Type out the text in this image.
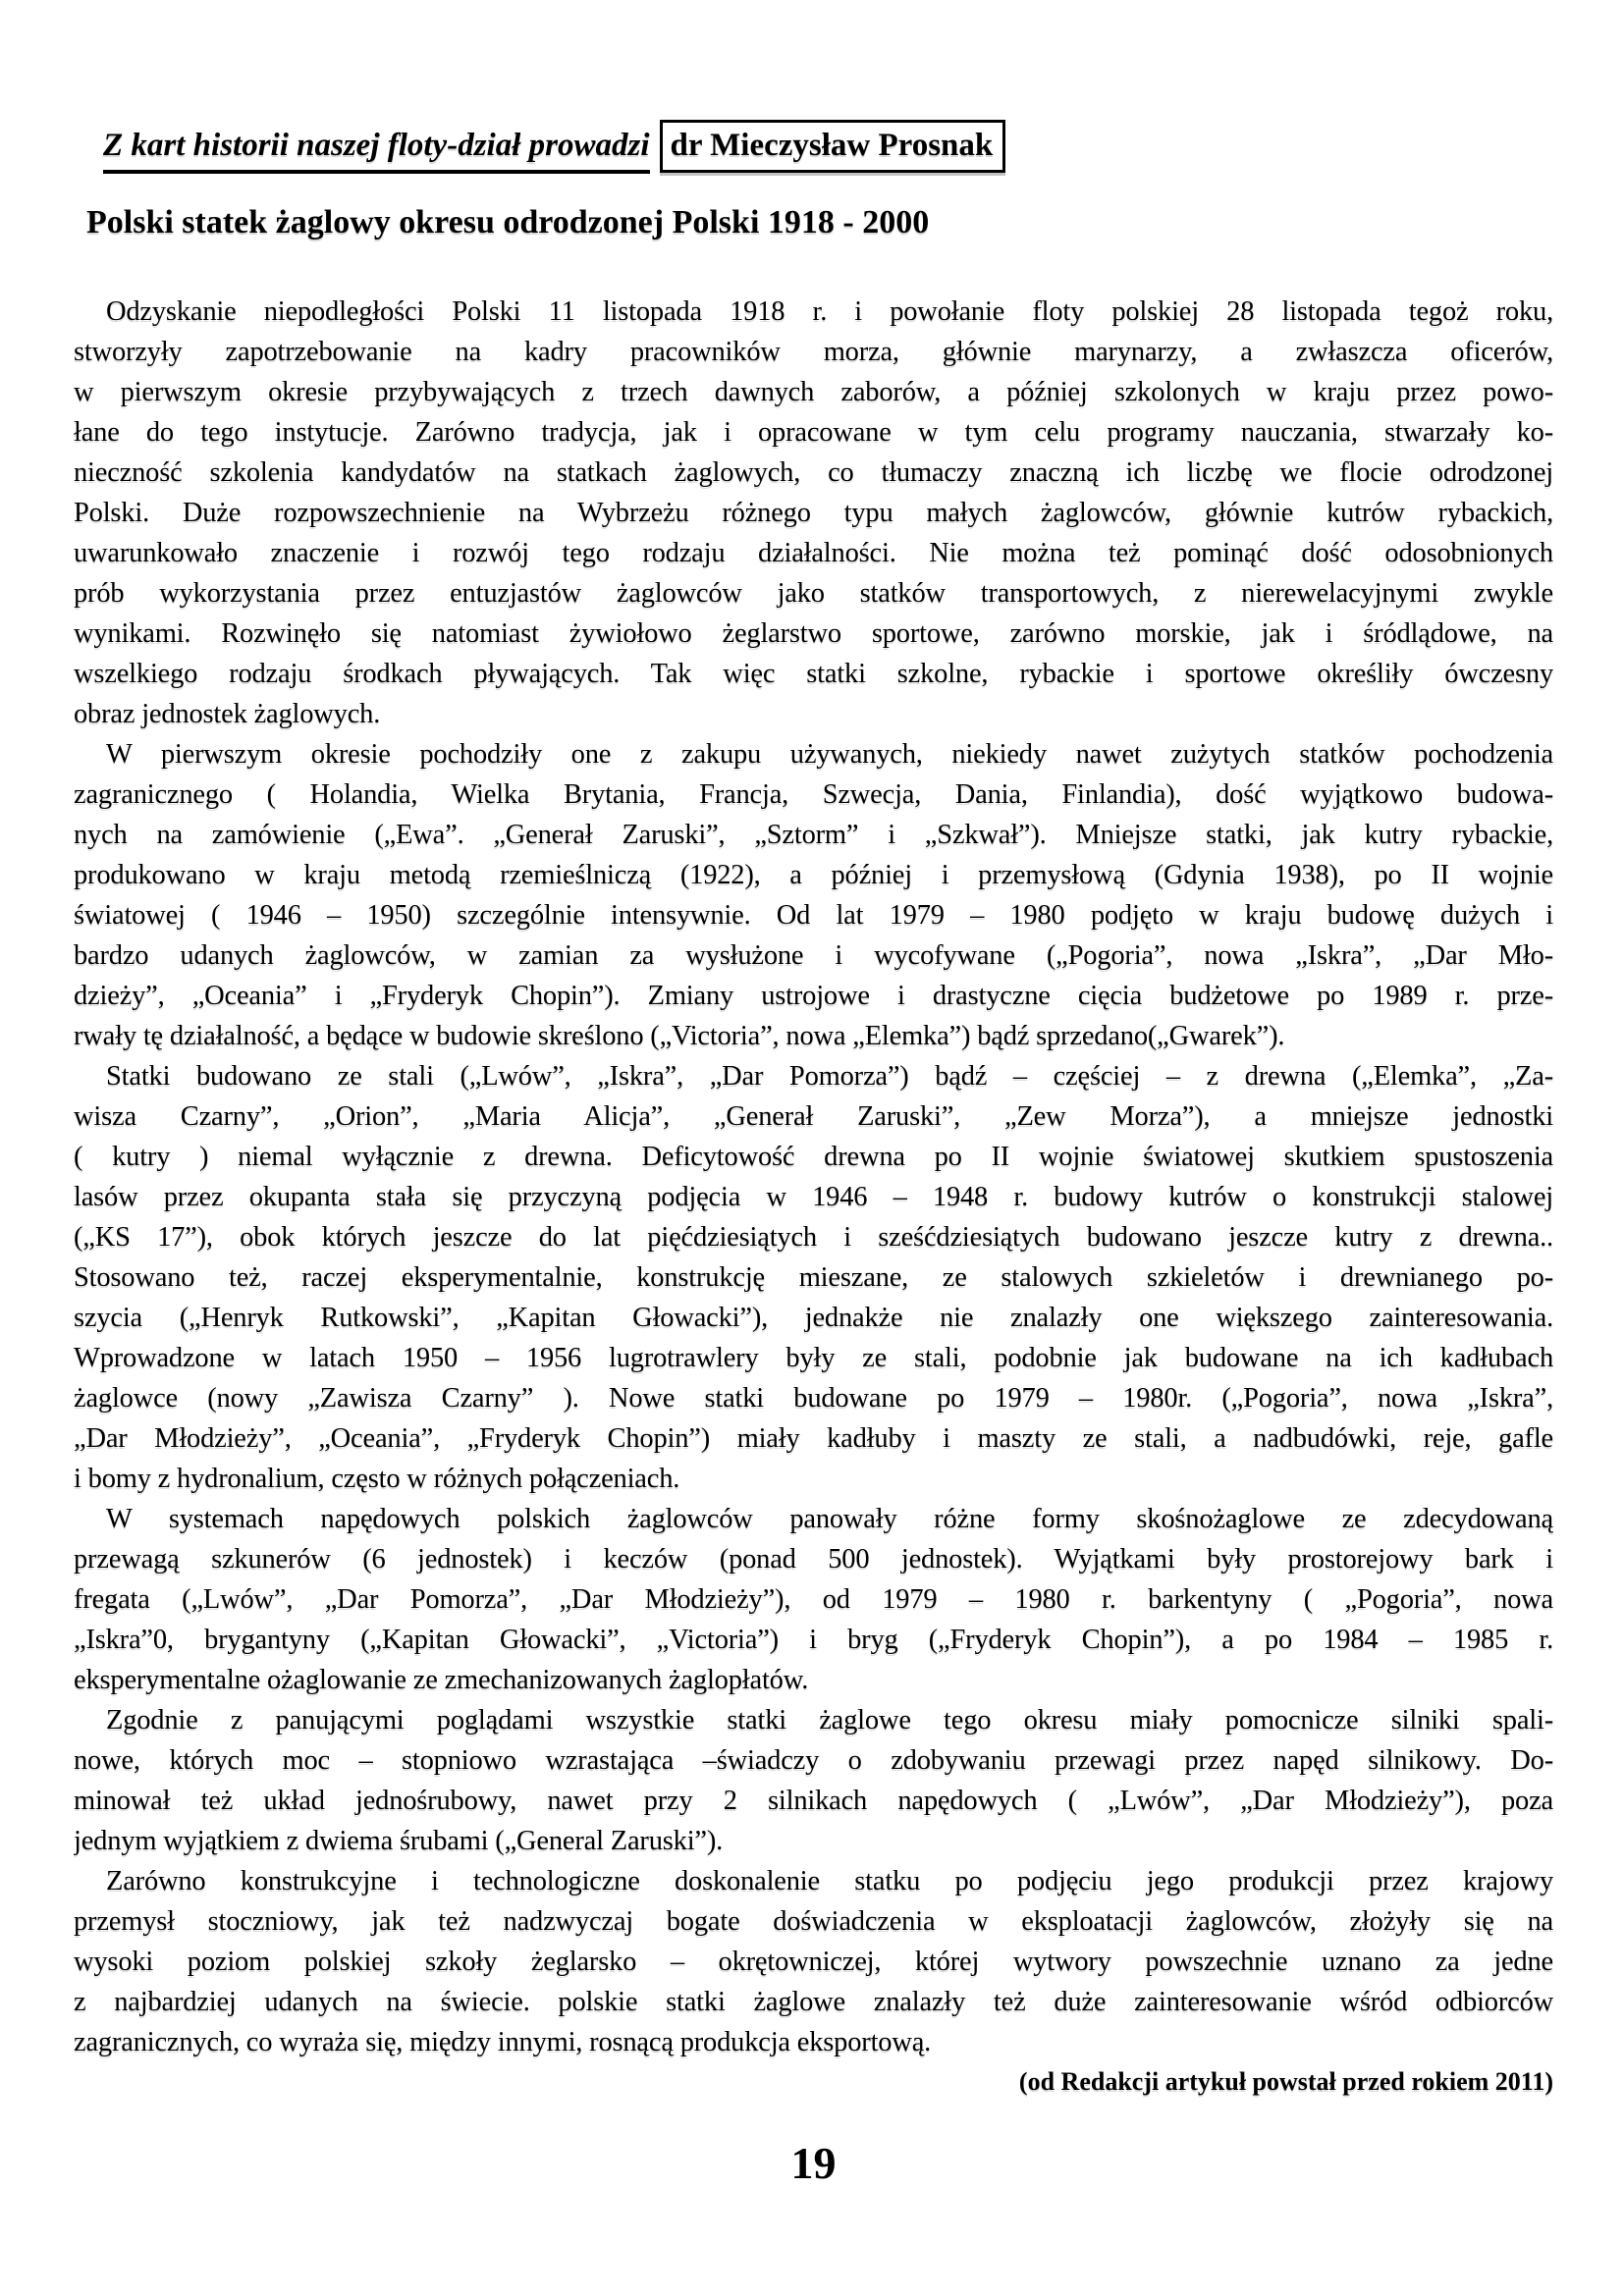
Z kart historii naszej floty-dział prowadzi dr Mieczysław Prosnak
Polski statek żaglowy okresu odrodzonej Polski 1918 - 2000
Odzyskanie niepodległości Polski 11 listopada 1918 r. i powołanie floty polskiej 28 listopada tegoż roku,
stworzyły zapotrzebowanie na kadry pracowników morza, głównie marynarzy, a zwłaszcza oficerów,
w pierwszym okresie przybywających z trzech dawnych zaborów, a później szkolonych w kraju przez powo-
łane do tego instytucje. Zarówno tradycja, jak i opracowane w tym celu programy nauczania, stwarzały ko-
nieczność szkolenia kandydatów na statkach żaglowych, co tłumaczy znaczną ich liczbę we flocie odrodzonej
Polski. Duże rozpowszechnienie na Wybrzeżu różnego typu małych żaglowców, głównie kutrów rybackich,
uwarunkowało znaczenie i rozwój tego rodzaju działalności. Nie można też pominąć dość odosobnionych
prób wykorzystania przez entuzjastów żaglowców jako statków transportowych, z nierewelacyjnymi zwykle
wynikami. Rozwinęło się natomiast żywiołowo żeglarstwo sportowe, zarówno morskie, jak i śródlądowe, na
wszelkiego rodzaju środkach pływających. Tak więc statki szkolne, rybackie i sportowe określiły ówczesny
obraz jednostek żaglowych.
W pierwszym okresie pochodziły one z zakupu używanych, niekiedy nawet zużytych statków pochodzenia
zagranicznego ( Holandia, Wielka Brytania, Francja, Szwecja, Dania, Finlandia), dość wyjątkowo budowa-
nych na zamówienie („Ewa”. „Generał Zaruski”, „Sztorm” i „Szkwał”). Mniejsze statki, jak kutry rybackie,
produkowano w kraju metodą rzemieślniczą (1922), a później i przemysłową (Gdynia 1938), po II wojnie
światowej ( 1946 – 1950) szczególnie intensywnie. Od lat 1979 – 1980 podjęto w kraju budowę dużych i
bardzo udanych żaglowców, w zamian za wysłużone i wycofywane („Pogoria”, nowa „Iskra”, „Dar Mło-
dzieży”, „Oceania” i „Fryderyk Chopin”). Zmiany ustrojowe i drastyczne cięcia budżetowe po 1989 r. prze-
rwały tę działalność, a będące w budowie skreślono („Victoria”, nowa „Elemka”) bądź sprzedano(„Gwarek”).
Statki budowano ze stali („Lwów”, „Iskra”, „Dar Pomorza”) bądź – częściej – z drewna („Elemka”, „Za-
wisza Czarny”, „Orion”, „Maria Alicja”, „Generał Zaruski”, „Zew Morza”), a mniejsze jednostki
( kutry ) niemal wyłącznie z drewna. Deficytowość drewna po II wojnie światowej skutkiem spustoszenia
lasów przez okupanta stała się przyczyną podjęcia w 1946 – 1948 r. budowy kutrów o konstrukcji stalowej
(„KS 17”), obok których jeszcze do lat pięćdziesiątych i sześćdziesiątych budowano jeszcze kutry z drewna..
Stosowano też, raczej eksperymentalnie, konstrukcję mieszane, ze stalowych szkieletów i drewnianego po-
szycia („Henryk Rutkowski”, „Kapitan Głowacki”), jednakże nie znalazły one większego zainteresowania.
Wprowadzone w latach 1950 – 1956 lugrotrawlery były ze stali, podobnie jak budowane na ich kadłubach
żaglowce (nowy „Zawisza Czarny” ). Nowe statki budowane po 1979 – 1980r. („Pogoria”, nowa „Iskra”,
„Dar Młodzieży”, „Oceania”, „Fryderyk Chopin”) miały kadłuby i maszty ze stali, a nadbudówki, reje, gafle
i bomy z hydronalium, często w różnych połączeniach.
W systemach napędowych polskich żaglowców panowały różne formy skośnożaglowe ze zdecydowaną
przewagą szkunerów (6 jednostek) i keczów (ponad 500 jednostek). Wyjątkami były prostorejowy bark i
fregata („Lwów”, „Dar Pomorza”, „Dar Młodzieży”), od 1979 – 1980 r. barkentyny ( „Pogoria”, nowa
„Iskra”0, brygantyny („Kapitan Głowacki”, „Victoria”) i bryg („Fryderyk Chopin”), a po 1984 – 1985 r.
eksperymentalne ożaglowanie ze zmechanizowanych żaglopłatów.
Zgodnie z panującymi poglądami wszystkie statki żaglowe tego okresu miały pomocnicze silniki spali-
nowe, których moc – stopniowo wzrastająca –świadczy o zdobywaniu przewagi przez napęd silnikowy. Do-
minował też układ jednośrubowy, nawet przy 2 silnikach napędowych ( „Lwów”, „Dar Młodzieży”), poza
jednym wyjątkiem z dwiema śrubami („General Zaruski”).
Zarówno konstrukcyjne i technologiczne doskonalenie statku po podjęciu jego produkcji przez krajowy
przemysł stoczniowy, jak też nadzwyczaj bogate doświadczenia w eksploatacji żaglowców, złożyły się na
wysoki poziom polskiej szkoły żeglarsko – okrętowniczej, której wytwory powszechnie uznano za jedne
z najbardziej udanych na świecie. polskie statki żaglowe znalazły też duże zainteresowanie wśród odbiorców
zagranicznych, co wyraża się, między innymi, rosnącą produkcja eksportową.
(od Redakcji artykuł powstał przed rokiem 2011)
19
